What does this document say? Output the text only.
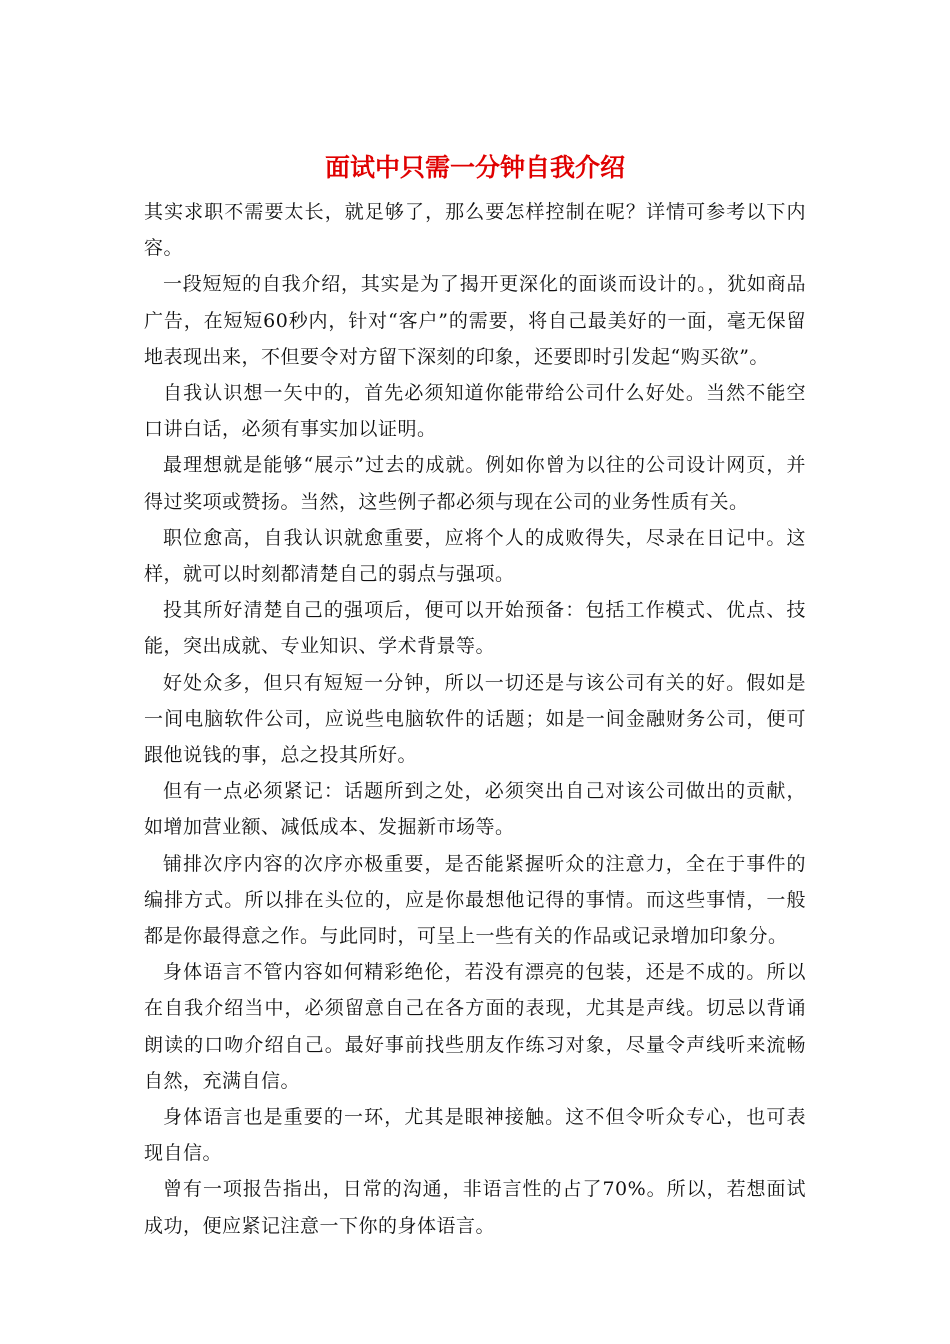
面试中只需一分钟自我介绍

其实求职不需要太长，就足够了，那么要怎样控制在呢？详情可参考以下内容。

一段短短的自我介绍，其实是为了揭开更深化的面谈而设计的。，犹如商品广告，在短短60秒内，针对“客户”的需要，将自己最美好的一面，毫无保留地表现出来，不但要令对方留下深刻的印象，还要即时引发起“购买欲”。

自我认识想一矢中的，首先必须知道你能带给公司什么好处。当然不能空口讲白话，必须有事实加以证明。

最理想就是能够“展示”过去的成就。例如你曾为以往的公司设计网页，并得过奖项或赞扬。当然，这些例子都必须与现在公司的业务性质有关。

职位愈高，自我认识就愈重要，应将个人的成败得失，尽录在日记中。这样，就可以时刻都清楚自己的弱点与强项。

投其所好清楚自己的强项后，便可以开始预备：包括工作模式、优点、技能，突出成就、专业知识、学术背景等。

好处众多，但只有短短一分钟，所以一切还是与该公司有关的好。假如是一间电脑软件公司，应说些电脑软件的话题；如是一间金融财务公司，便可跟他说钱的事，总之投其所好。

但有一点必须紧记：话题所到之处，必须突出自己对该公司做出的贡献，如增加营业额、减低成本、发掘新市场等。

铺排次序内容的次序亦极重要，是否能紧握听众的注意力，全在于事件的编排方式。所以排在头位的，应是你最想他记得的事情。而这些事情，一般都是你最得意之作。与此同时，可呈上一些有关的作品或记录增加印象分。

身体语言不管内容如何精彩绝伦，若没有漂亮的包装，还是不成的。所以在自我介绍当中，必须留意自己在各方面的表现，尤其是声线。切忌以背诵朗读的口吻介绍自己。最好事前找些朋友作练习对象，尽量令声线听来流畅自然，充满自信。

身体语言也是重要的一环，尤其是眼神接触。这不但令听众专心，也可表现自信。

曾有一项报告指出，日常的沟通，非语言性的占了70%。所以，若想面试成功，便应紧记注意一下你的身体语言。
